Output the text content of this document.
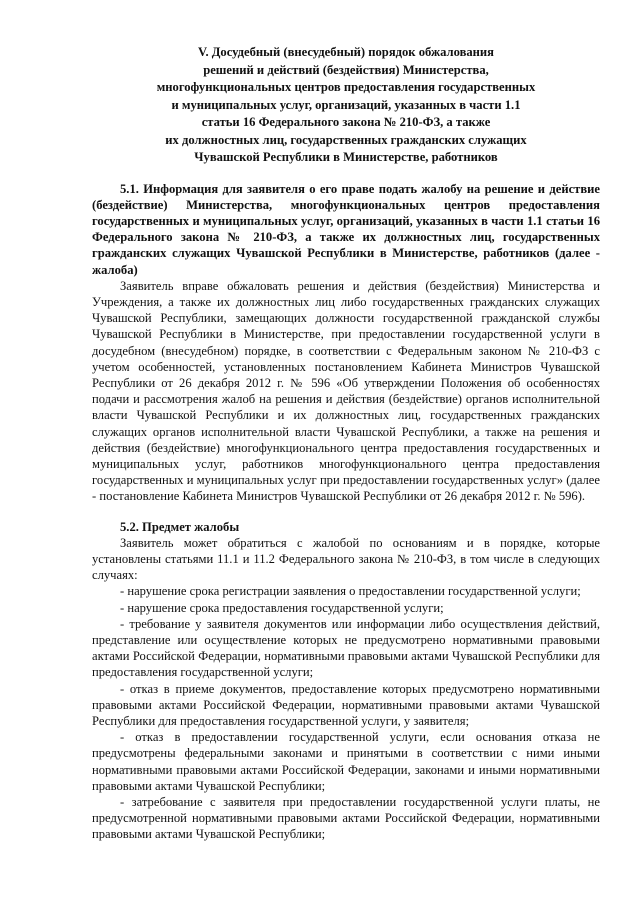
V. Досудебный (внесудебный) порядок обжалования
решений и действий (бездействия) Министерства,
многофункциональных центров предоставления государственных
и муниципальных услуг, организаций, указанных в части 1.1
статьи 16 Федерального закона № 210-ФЗ, а также
их должностных лиц, государственных гражданских служащих
Чувашской Республики в Министерстве, работников

5.1. Информация для заявителя о его праве подать жалобу на решение и действие (бездействие) Министерства, многофункциональных центров предоставления государственных и муниципальных услуг, организаций, указанных в части 1.1 статьи 16 Федерального закона № 210-ФЗ, а также их должностных лиц, государственных гражданских служащих Чувашской Республики в Министерстве, работников (далее - жалоба)

Заявитель вправе обжаловать решения и действия (бездействия) Министерства и Учреждения, а также их должностных лиц либо государственных гражданских служащих Чувашской Республики, замещающих должности государственной гражданской службы Чувашской Республики в Министерстве, при предоставлении государственной услуги в досудебном (внесудебном) порядке, в соответствии с Федеральным законом № 210-ФЗ с учетом особенностей, установленных постановлением Кабинета Министров Чувашской Республики от 26 декабря 2012 г. № 596 «Об утверждении Положения об особенностях подачи и рассмотрения жалоб на решения и действия (бездействие) органов исполнительной власти Чувашской Республики и их должностных лиц, государственных гражданских служащих органов исполнительной власти Чувашской Республики, а также на решения и действия (бездействие) многофункционального центра предоставления государственных и муниципальных услуг, работников многофункционального центра предоставления государственных и муниципальных услуг при предоставлении государственных услуг» (далее - постановление Кабинета Министров Чувашской Республики от 26 декабря 2012 г. № 596).

5.2. Предмет жалобы

Заявитель может обратиться с жалобой по основаниям и в порядке, которые установлены статьями 11.1 и 11.2 Федерального закона № 210-ФЗ, в том числе в следующих случаях:

- нарушение срока регистрации заявления о предоставлении государственной услуги;

- нарушение срока предоставления государственной услуги;

- требование у заявителя документов или информации либо осуществления действий, представление или осуществление которых не предусмотрено нормативными правовыми актами Российской Федерации, нормативными правовыми актами Чувашской Республики для предоставления государственной услуги;

- отказ в приеме документов, предоставление которых предусмотрено нормативными правовыми актами Российской Федерации, нормативными правовыми актами Чувашской Республики для предоставления государственной услуги, у заявителя;

- отказ в предоставлении государственной услуги, если основания отказа не предусмотрены федеральными законами и принятыми в соответствии с ними иными нормативными правовыми актами Российской Федерации, законами и иными нормативными правовыми актами Чувашской Республики;

- затребование с заявителя при предоставлении государственной услуги платы, не предусмотренной нормативными правовыми актами Российской Федерации, нормативными правовыми актами Чувашской Республики;
